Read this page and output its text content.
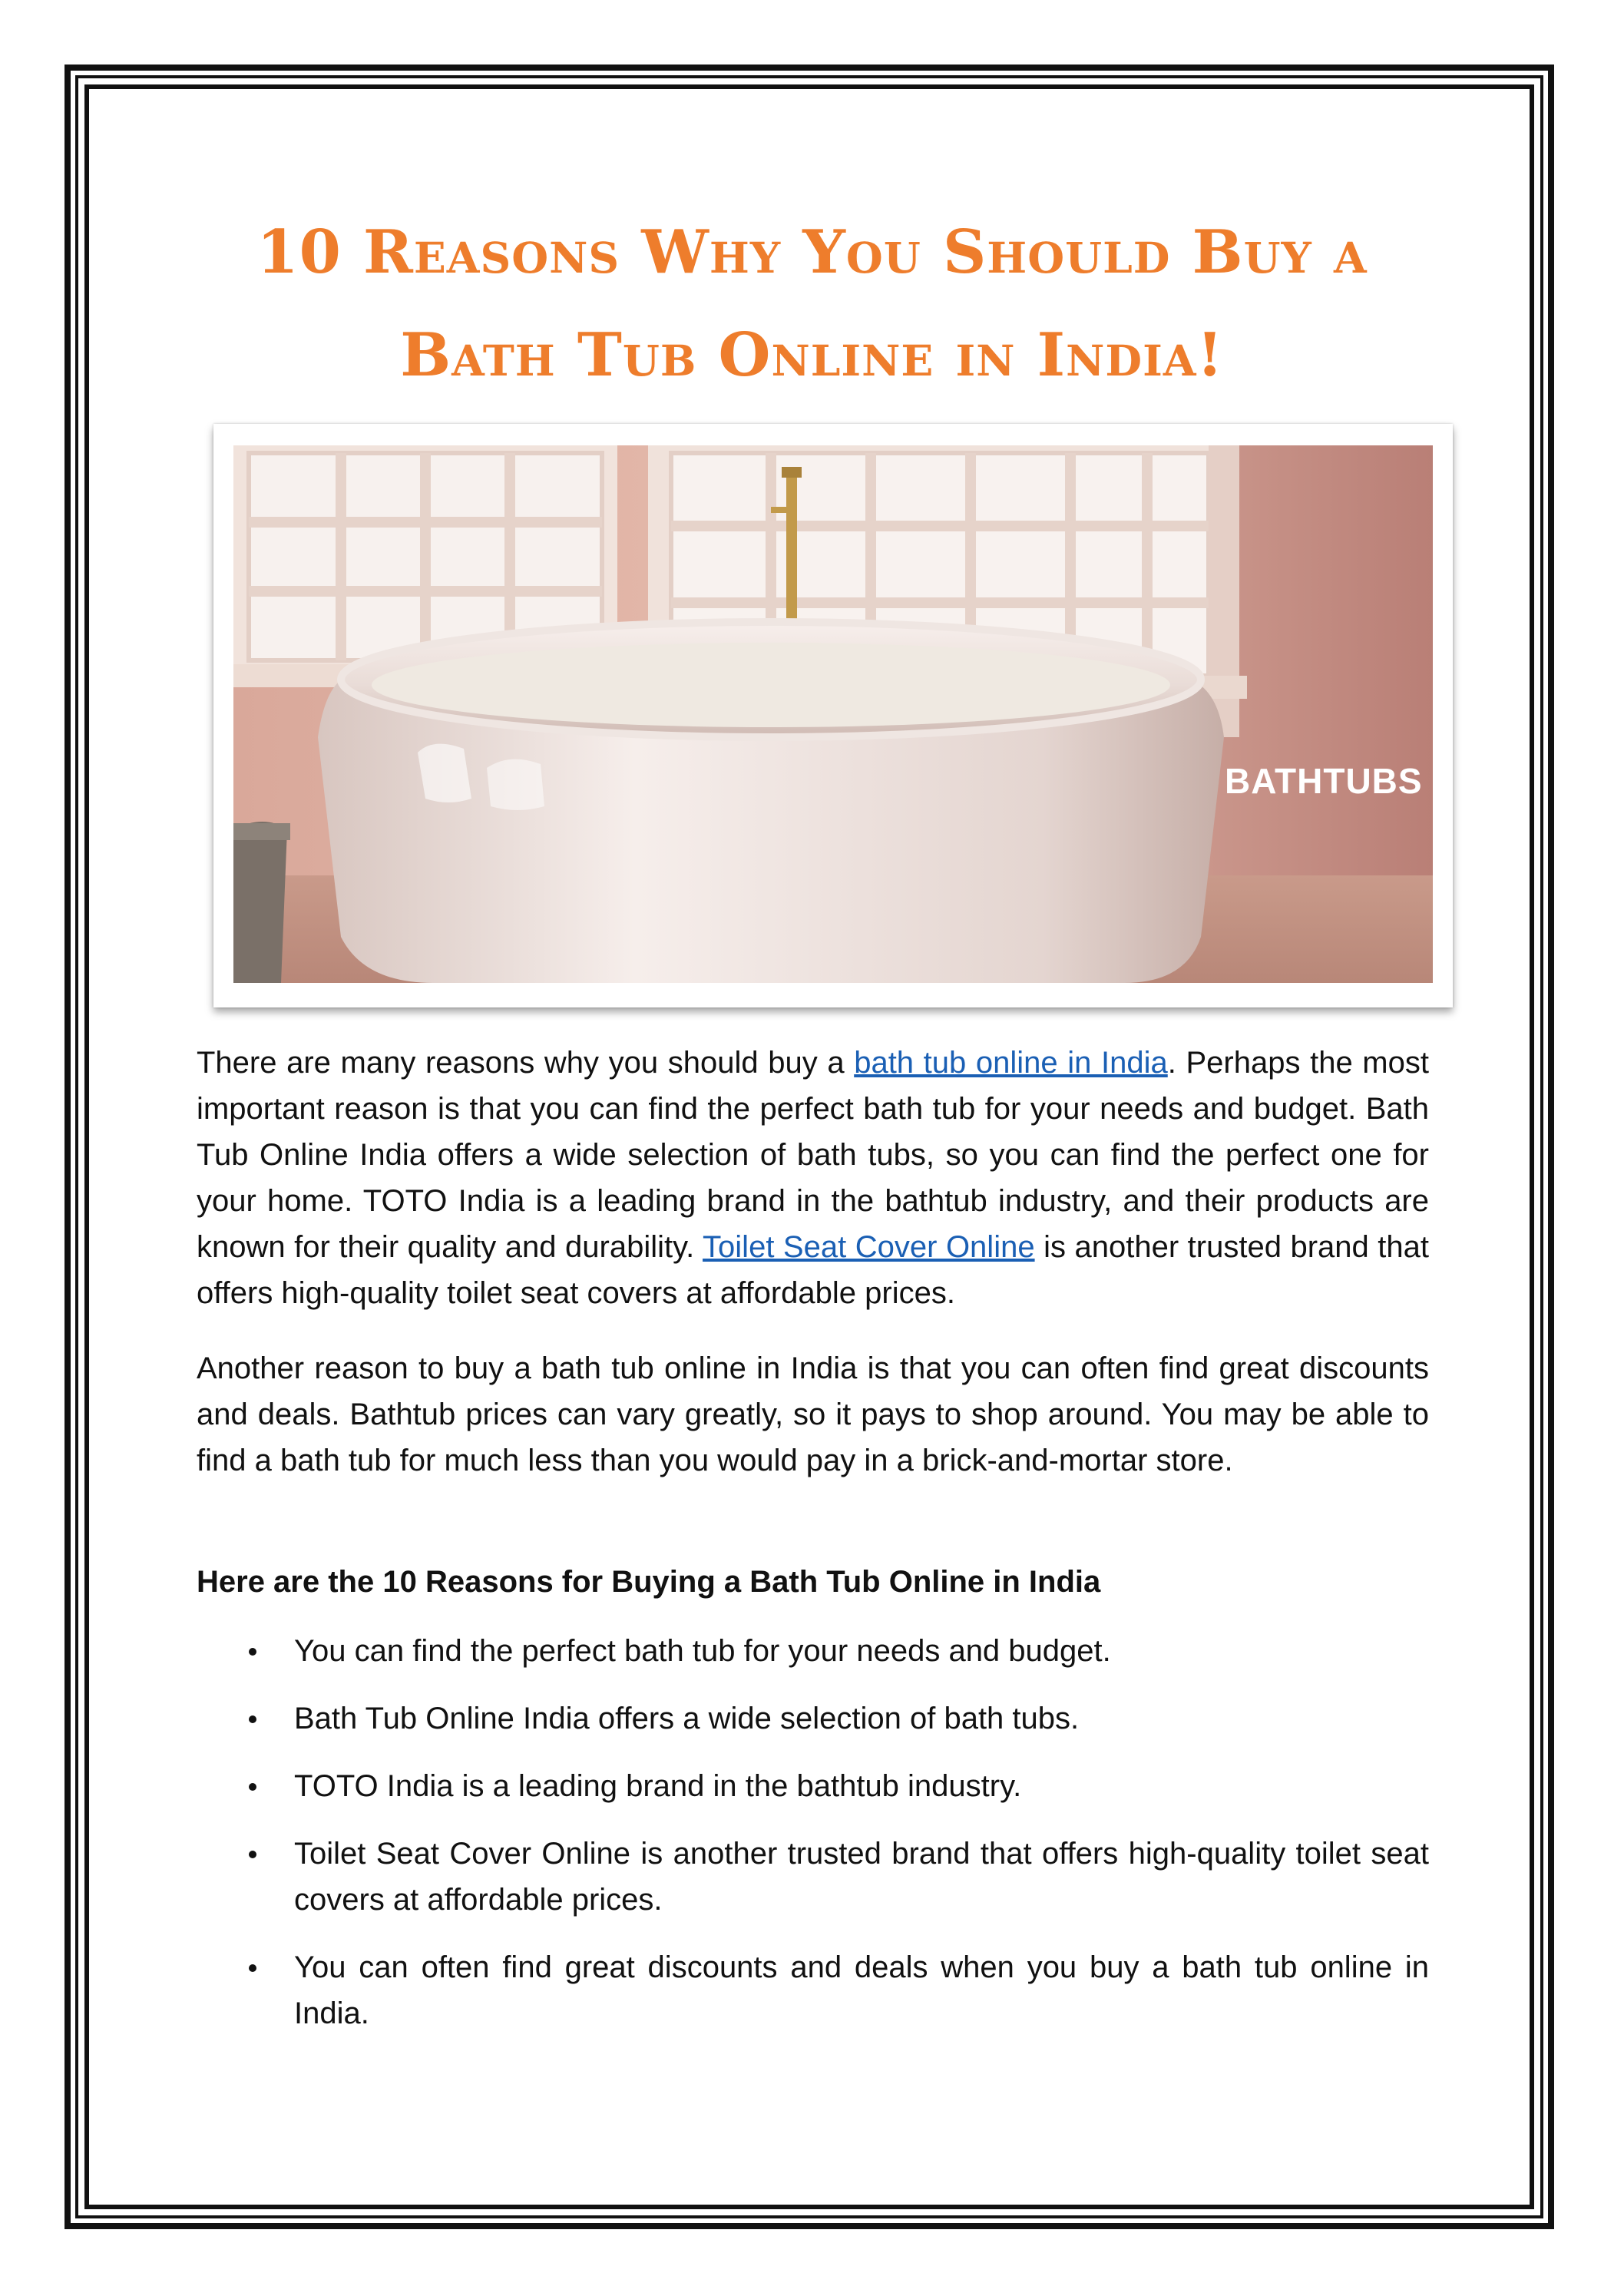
10 Reasons Why You Should Buy a
Bath Tub Online in India!
BATHTUBS

There are many reasons why you should buy a bath tub online in India. Perhaps the most important reason is that you can find the perfect bath tub for your needs and budget. Bath Tub Online India offers a wide selection of bath tubs, so you can find the perfect one for your home. TOTO India is a leading brand in the bathtub industry, and their products are known for their quality and durability. Toilet Seat Cover Online is another trusted brand that offers high-quality toilet seat covers at affordable prices.

Another reason to buy a bath tub online in India is that you can often find great discounts and deals. Bathtub prices can vary greatly, so it pays to shop around. You may be able to find a bath tub for much less than you would pay in a brick-and-mortar store.

Here are the 10 Reasons for Buying a Bath Tub Online in India

You can find the perfect bath tub for your needs and budget.
Bath Tub Online India offers a wide selection of bath tubs.
TOTO India is a leading brand in the bathtub industry.
Toilet Seat Cover Online is another trusted brand that offers high-quality toilet seat covers at affordable prices.
You can often find great discounts and deals when you buy a bath tub online in India.
